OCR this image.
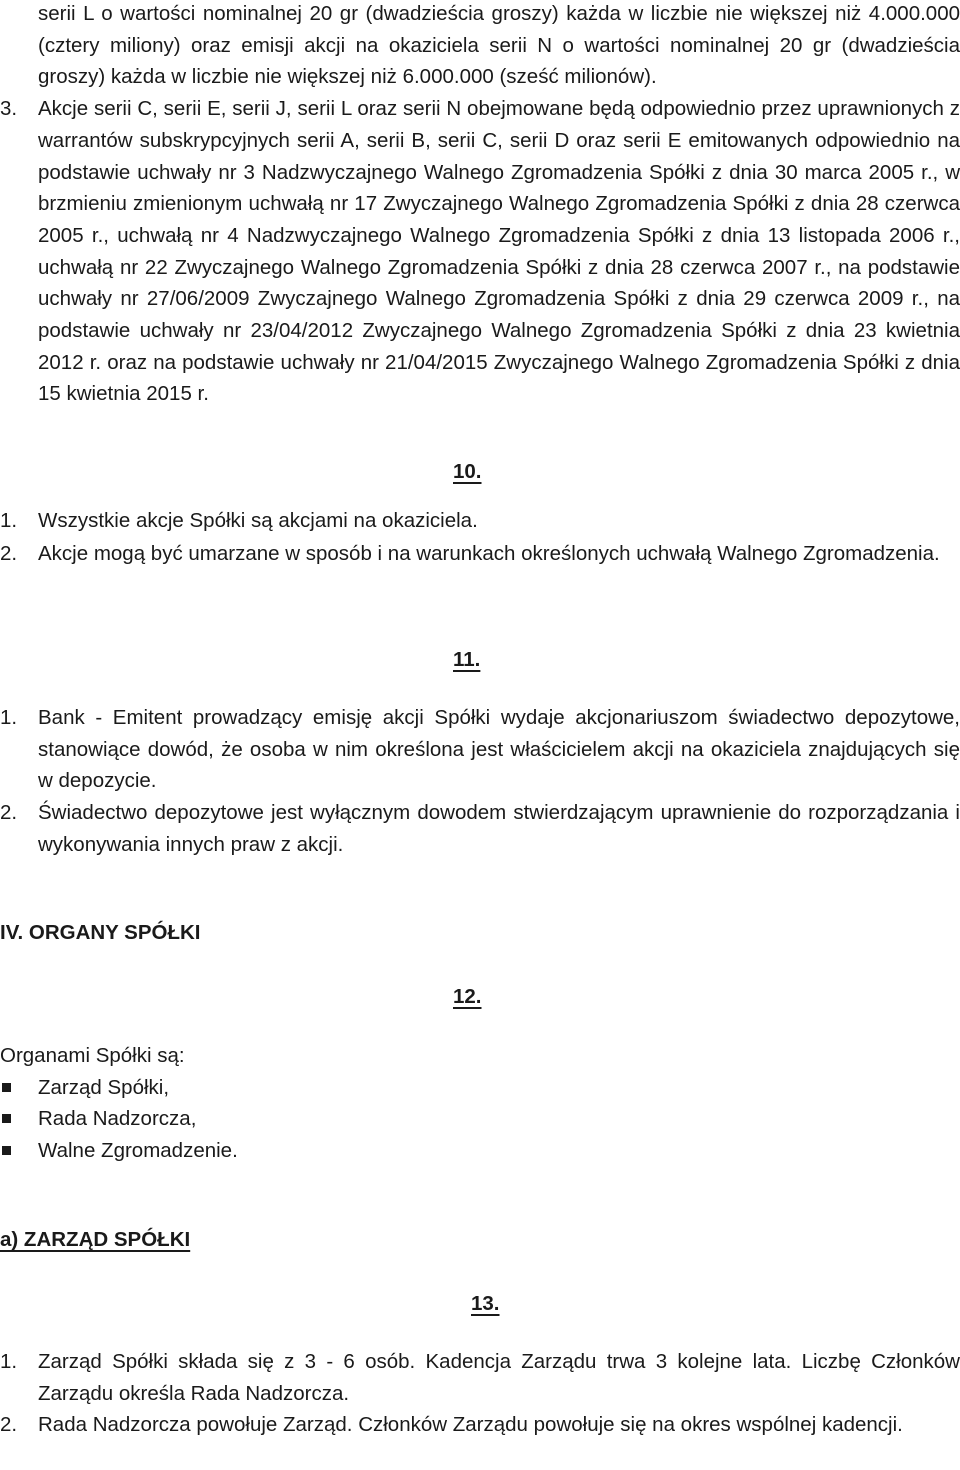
serii L o wartości nominalnej 20 gr (dwadzieścia groszy) każda w liczbie nie większej niż 4.000.000 (cztery miliony) oraz emisji akcji na okaziciela serii N o wartości nominalnej 20 gr (dwadzieścia groszy) każda w liczbie nie większej niż 6.000.000 (sześć milionów).
3. Akcje serii C, serii E, serii J, serii L oraz serii N obejmowane będą odpowiednio przez uprawnionych z warrantów subskrypcyjnych serii A, serii B, serii C, serii D oraz serii E emitowanych odpowiednio na podstawie uchwały nr 3 Nadzwyczajnego Walnego Zgromadzenia Spółki z dnia 30 marca 2005 r., w brzmieniu zmienionym uchwałą nr 17 Zwyczajnego Walnego Zgromadzenia Spółki z dnia 28 czerwca 2005 r., uchwałą nr 4 Nadzwyczajnego Walnego Zgromadzenia Spółki z dnia 13 listopada 2006 r., uchwałą nr 22 Zwyczajnego Walnego Zgromadzenia Spółki z dnia 28 czerwca 2007 r., na podstawie uchwały nr 27/06/2009 Zwyczajnego Walnego Zgromadzenia Spółki z dnia 29 czerwca 2009 r., na podstawie uchwały nr 23/04/2012 Zwyczajnego Walnego Zgromadzenia Spółki z dnia 23 kwietnia 2012 r. oraz na podstawie uchwały nr 21/04/2015 Zwyczajnego Walnego Zgromadzenia Spółki z dnia 15 kwietnia 2015 r.
10.
1. Wszystkie akcje Spółki są akcjami na okaziciela.
2. Akcje mogą być umarzane w sposób i na warunkach określonych uchwałą Walnego Zgromadzenia.
11.
1. Bank - Emitent prowadzący emisję akcji Spółki wydaje akcjonariuszom świadectwo depozytowe, stanowiące dowód, że osoba w nim określona jest właścicielem akcji na okaziciela znajdujących się w depozycie.
2. Świadectwo depozytowe jest wyłącznym dowodem stwierdzającym uprawnienie do rozporządzania i wykonywania innych praw z akcji.
IV. ORGANY SPÓŁKI
12.
Organami Spółki są:
Zarząd Spółki,
Rada Nadzorcza,
Walne Zgromadzenie.
a) ZARZĄD SPÓŁKI
13.
1. Zarząd Spółki składa się z 3 - 6 osób. Kadencja Zarządu trwa 3 kolejne lata. Liczbę Członków Zarządu określa Rada Nadzorcza.
2. Rada Nadzorcza powołuje Zarząd. Członków Zarządu powołuje się na okres wspólnej kadencji.
